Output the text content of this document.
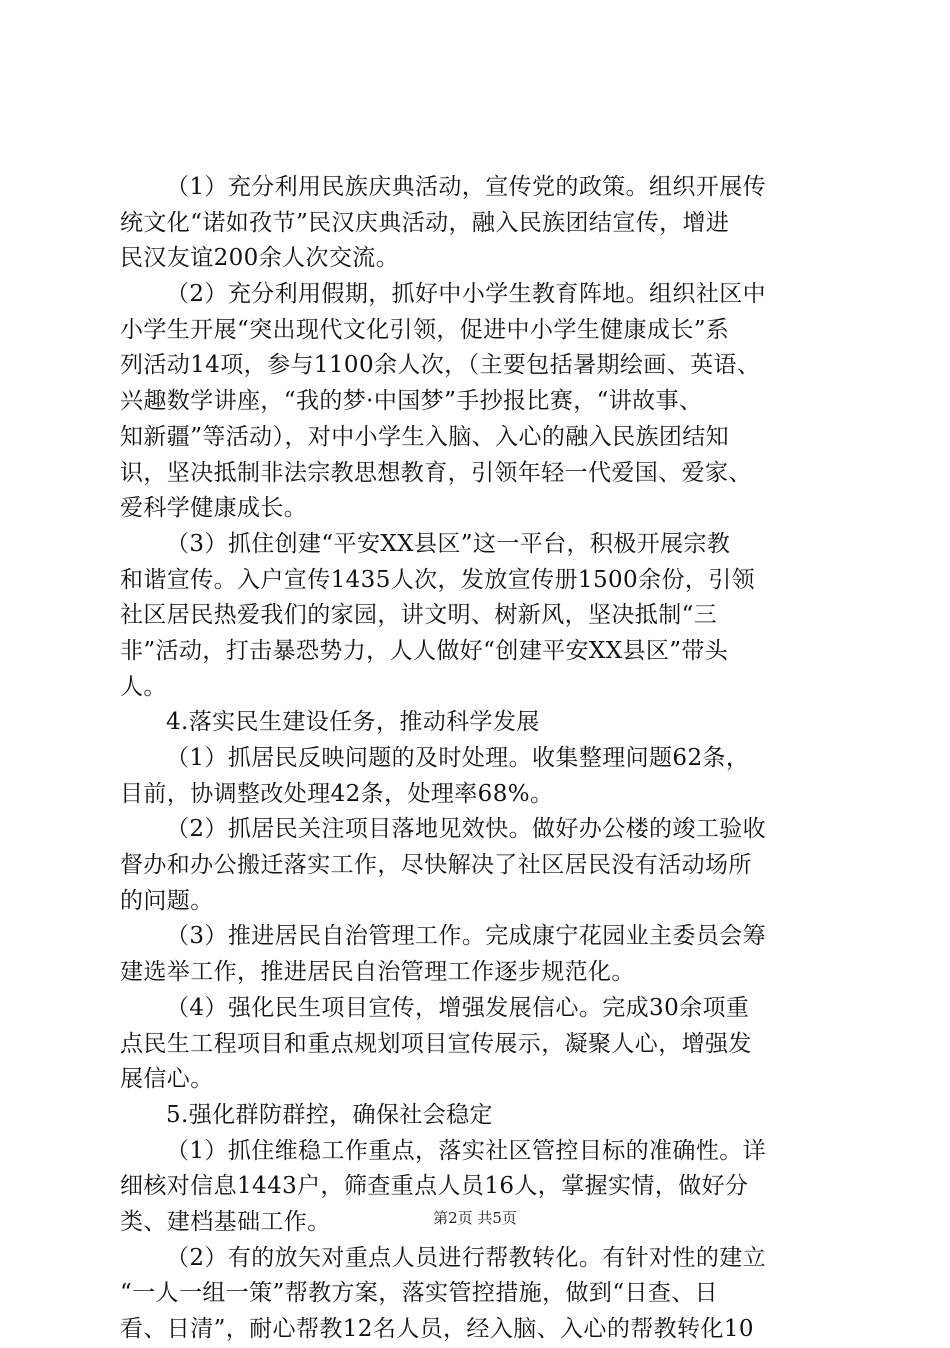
（1）充分利用民族庆典活动，宣传党的政策。组织开展传
统文化“诺如孜节”民汉庆典活动，融入民族团结宣传，增进
民汉友谊200余人次交流。
（2）充分利用假期，抓好中小学生教育阵地。组织社区中
小学生开展“突出现代文化引领，促进中小学生健康成长”系
列活动14项，参与1100余人次，（主要包括暑期绘画、英语、
兴趣数学讲座，“我的梦·中国梦”手抄报比赛，“讲故事、
知新疆”等活动），对中小学生入脑、入心的融入民族团结知
识，坚决抵制非法宗教思想教育，引领年轻一代爱国、爱家、
爱科学健康成长。
（3）抓住创建“平安XX县区”这一平台，积极开展宗教
和谐宣传。入户宣传1435人次，发放宣传册1500余份，引领
社区居民热爱我们的家园，讲文明、树新风，坚决抵制“三
非”活动，打击暴恐势力，人人做好“创建平安XX县区”带头
人。
4.落实民生建设任务，推动科学发展
（1）抓居民反映问题的及时处理。收集整理问题62条，
目前，协调整改处理42条，处理率68%。
（2）抓居民关注项目落地见效快。做好办公楼的竣工验收
督办和办公搬迁落实工作，尽快解决了社区居民没有活动场所
的问题。
（3）推进居民自治管理工作。完成康宁花园业主委员会筹
建选举工作，推进居民自治管理工作逐步规范化。
（4）强化民生项目宣传，增强发展信心。完成30余项重
点民生工程项目和重点规划项目宣传展示，凝聚人心，增强发
展信心。
5.强化群防群控，确保社会稳定
（1）抓住维稳工作重点，落实社区管控目标的准确性。详
细核对信息1443户，筛查重点人员16人，掌握实情，做好分
类、建档基础工作。
（2）有的放矢对重点人员进行帮教转化。有针对性的建立
“一人一组一策”帮教方案，落实管控措施，做到“日查、日
看、日清”，耐心帮教12名人员，经入脑、入心的帮教转化10
第2页 共5页
